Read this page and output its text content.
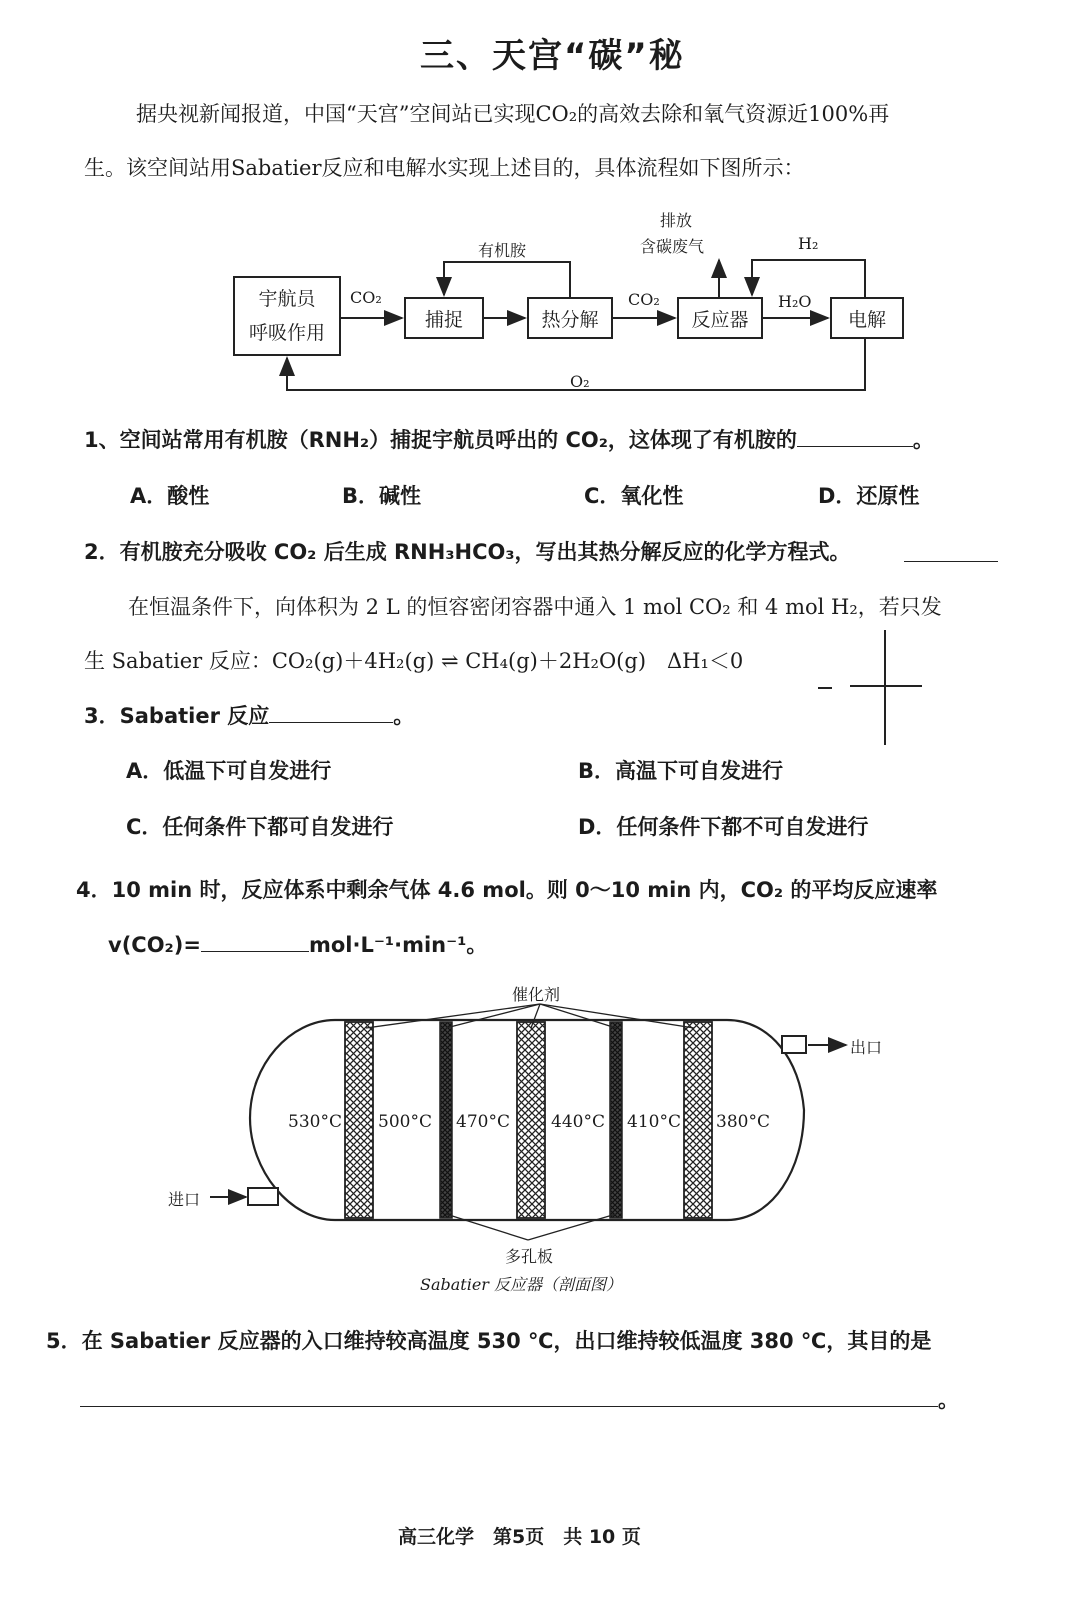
三、天宫“碳”秘
据央视新闻报道，中国“天宫”空间站已实现CO₂的高效去除和氧气资源近100%再
生。该空间站用Sabatier反应和电解水实现上述目的，具体流程如下图所示：
宇航员
呼吸作用
捕捉	热分解	反应器	电解
CO₂	CO₂
有机胺
排放
含碳废气	H₂
H₂O
O₂
1、空间站常用有机胺（RNH₂）捕捉宇航员呼出的 CO₂，这体现了有机胺的	。
A．酸性	B．碱性	C．氧化性	D．还原性
2．有机胺充分吸收 CO₂ 后生成 RNH₃HCO₃，写出其热分解反应的化学方程式。
在恒温条件下，向体积为 2 L 的恒容密闭容器中通入 1 mol CO₂ 和 4 mol H₂，若只发
生 Sabatier 反应：CO₂(g)＋4H₂(g) ⇌ CH₄(g)＋2H₂O(g)　ΔH₁＜0
3．Sabatier 反应	。
A．低温下可自发进行	B．高温下可自发进行
C．任何条件下都可自发进行	D．任何条件下都不可自发进行
4．10 min 时，反应体系中剩余气体 4.6 mol。则 0～10 min 内，CO₂ 的平均反应速率
v(CO₂)=	mol·L⁻¹·min⁻¹。
催化剂
出口
进口
多孔板
Sabatier 反应器（剖面图）
530°C 500°C 470°C 440°C 410°C 380°C
5．在 Sabatier 反应器的入口维持较高温度 530 ℃，出口维持较低温度 380 ℃，其目的是
。
高三化学　第5页　共 10 页
